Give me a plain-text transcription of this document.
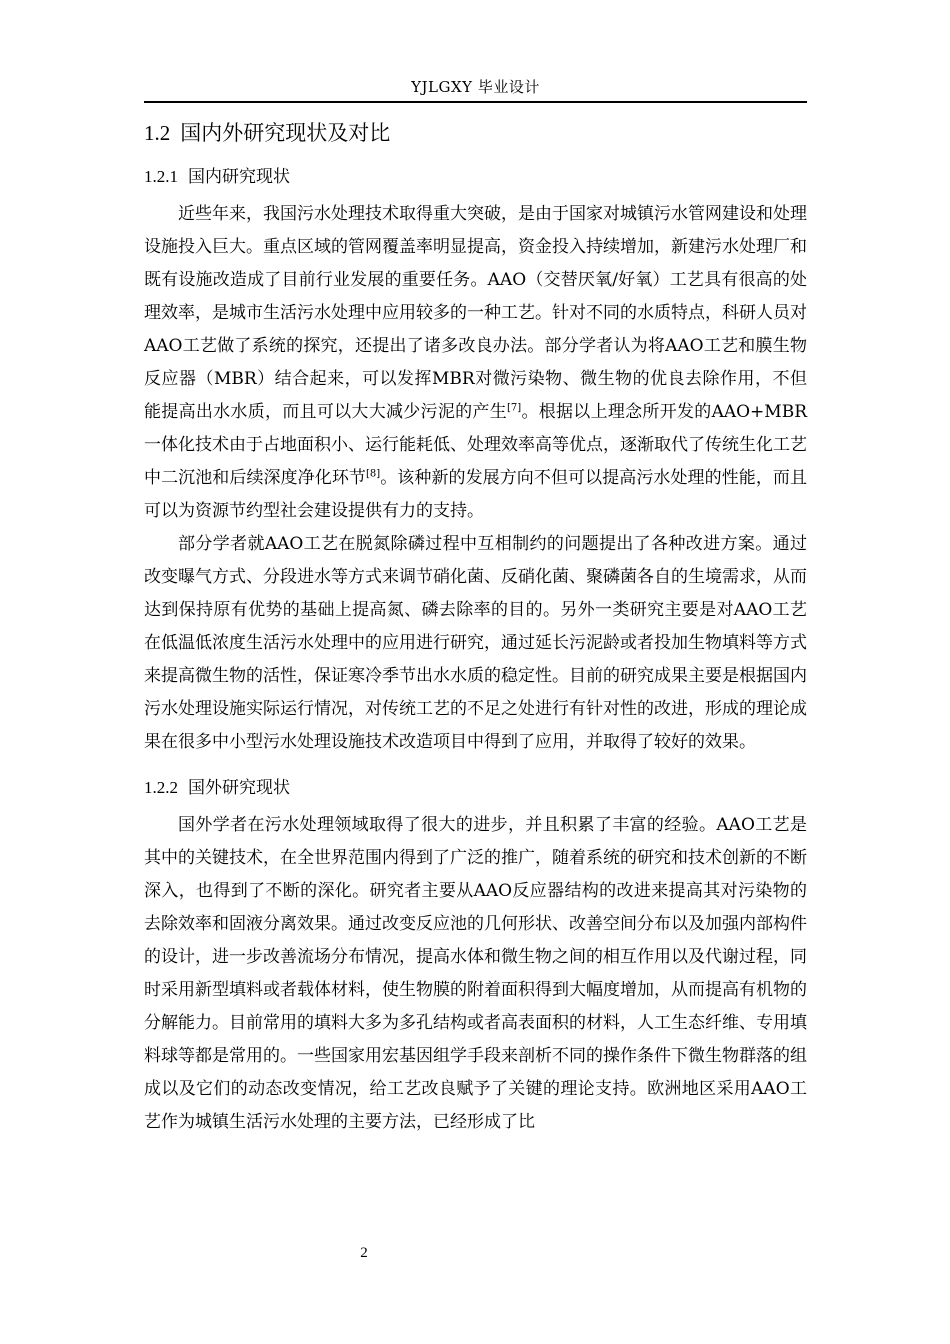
YJLGXY 毕业设计
1.2 国内外研究现状及对比
1.2.1 国内研究现状

近些年来，我国污水处理技术取得重大突破，是由于国家对城镇污水管网建设和处理设施投入巨大。重点区域的管网覆盖率明显提高，资金投入持续增加，新建污水处理厂和既有设施改造成了目前行业发展的重要任务。AAO（交替厌氧/好氧）工艺具有很高的处理效率，是城市生活污水处理中应用较多的一种工艺。针对不同的水质特点，科研人员对AAO工艺做了系统的探究，还提出了诸多改良办法。部分学者认为将AAO工艺和膜生物反应器（MBR）结合起来，可以发挥MBR对微污染物、微生物的优良去除作用，不但能提高出水水质，而且可以大大减少污泥的产生[7]。根据以上理念所开发的AAO+MBR一体化技术由于占地面积小、运行能耗低、处理效率高等优点，逐渐取代了传统生化工艺中二沉池和后续深度净化环节[8]。该种新的发展方向不但可以提高污水处理的性能，而且可以为资源节约型社会建设提供有力的支持。

部分学者就AAO工艺在脱氮除磷过程中互相制约的问题提出了各种改进方案。通过改变曝气方式、分段进水等方式来调节硝化菌、反硝化菌、聚磷菌各自的生境需求，从而达到保持原有优势的基础上提高氮、磷去除率的目的。另外一类研究主要是对AAO工艺在低温低浓度生活污水处理中的应用进行研究，通过延长污泥龄或者投加生物填料等方式来提高微生物的活性，保证寒冷季节出水水质的稳定性。目前的研究成果主要是根据国内污水处理设施实际运行情况，对传统工艺的不足之处进行有针对性的改进，形成的理论成果在很多中小型污水处理设施技术改造项目中得到了应用，并取得了较好的效果。

1.2.2 国外研究现状

国外学者在污水处理领域取得了很大的进步，并且积累了丰富的经验。AAO工艺是其中的关键技术，在全世界范围内得到了广泛的推广，随着系统的研究和技术创新的不断深入，也得到了不断的深化。研究者主要从AAO反应器结构的改进来提高其对污染物的去除效率和固液分离效果。通过改变反应池的几何形状、改善空间分布以及加强内部构件的设计，进一步改善流场分布情况，提高水体和微生物之间的相互作用以及代谢过程，同时采用新型填料或者载体材料，使生物膜的附着面积得到大幅度增加，从而提高有机物的分解能力。目前常用的填料大多为多孔结构或者高表面积的材料，人工生态纤维、专用填料球等都是常用的。一些国家用宏基因组学手段来剖析不同的操作条件下微生物群落的组成以及它们的动态改变情况，给工艺改良赋予了关键的理论支持。欧洲地区采用AAO工艺作为城镇生活污水处理的主要方法，已经形成了比

2
